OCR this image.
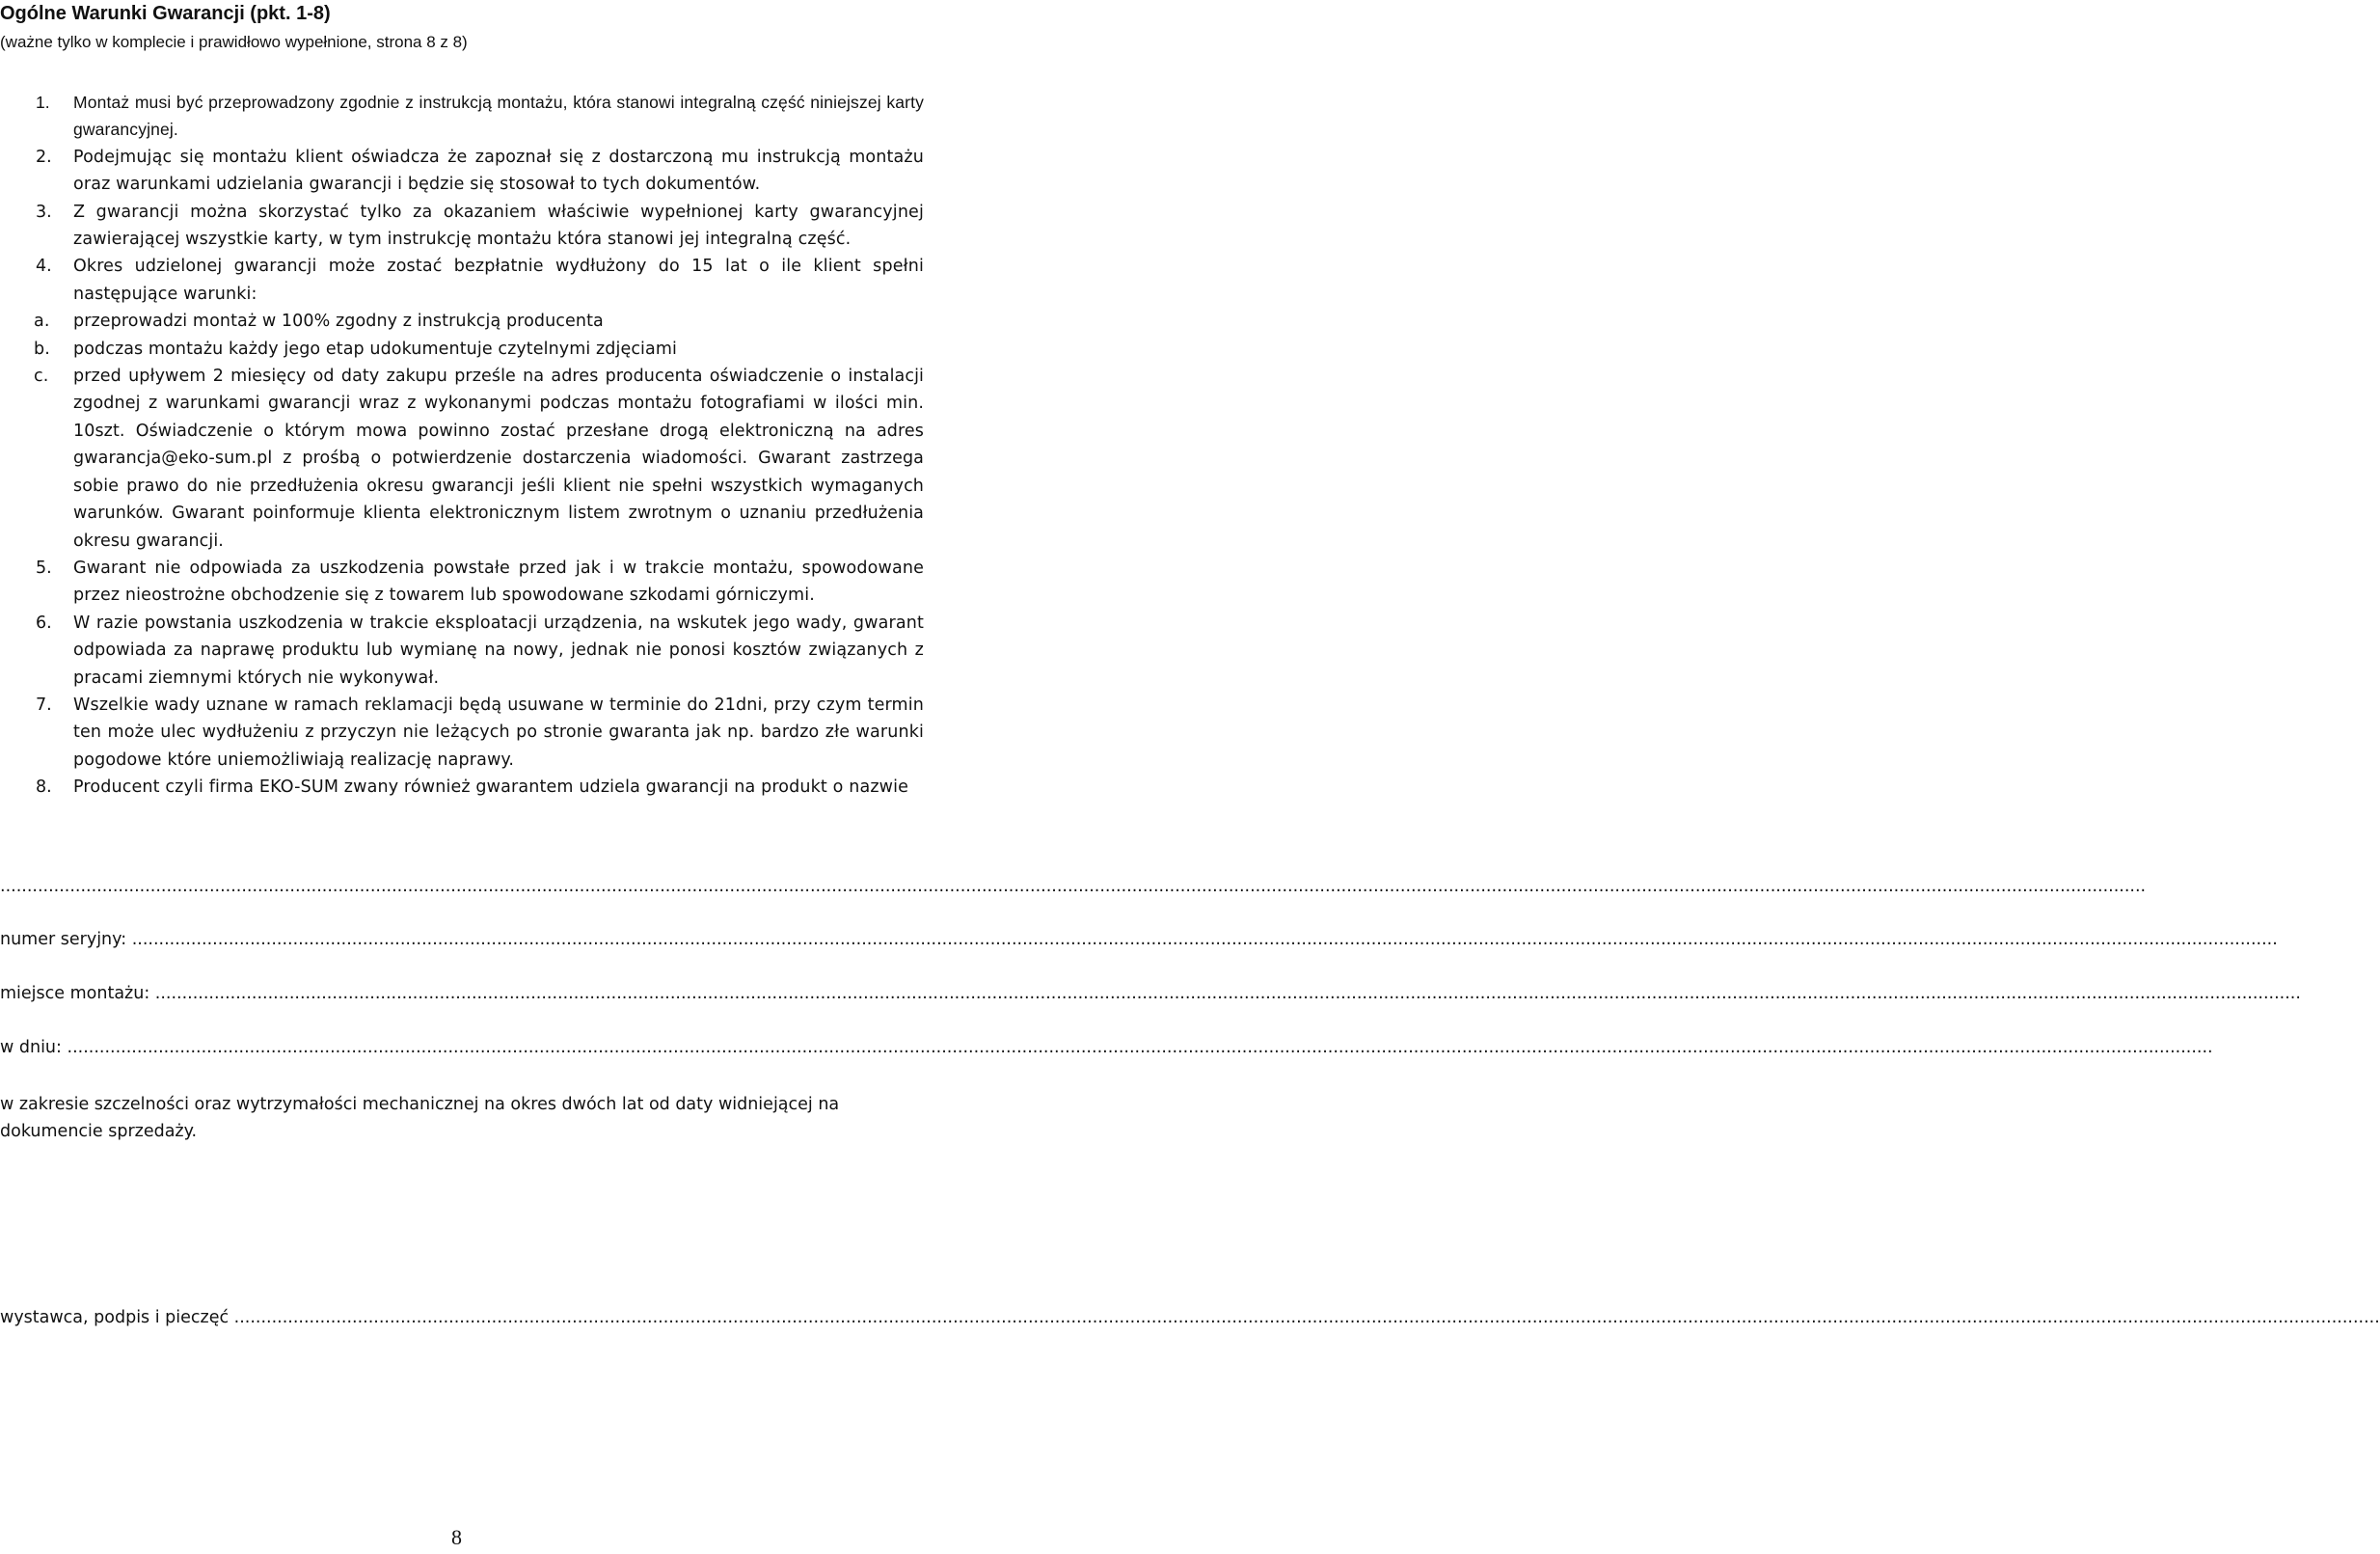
Ogólne Warunki Gwarancji (pkt. 1-8)
(ważne tylko w komplecie i prawidłowo wypełnione, strona 8 z 8)
1.	Montaż musi być przeprowadzony zgodnie z instrukcją montażu, która stanowi integralną część niniejszej karty gwarancyjnej.
2.	Podejmując się montażu klient oświadcza że zapoznał się z dostarczoną mu instrukcją montażu oraz warunkami udzielania gwarancji i będzie się stosował to tych dokumentów.
3.	Z gwarancji można skorzystać tylko za okazaniem właściwie wypełnionej karty gwarancyjnej zawierającej wszystkie karty, w tym instrukcję montażu która stanowi jej integralną część.
4.	Okres udzielonej gwarancji może zostać bezpłatnie wydłużony do 15 lat o ile klient spełni następujące warunki:
a.	przeprowadzi montaż w 100% zgodny z instrukcją producenta
b.	podczas montażu każdy jego etap udokumentuje czytelnymi zdjęciami
c.	przed upływem 2 miesięcy od daty zakupu prześle na adres producenta oświadczenie o instalacji zgodnej z warunkami gwarancji wraz z wykonanymi podczas montażu fotografiami w ilości min. 10szt. Oświadczenie o którym mowa powinno zostać przesłane drogą elektroniczną na adres gwarancja@eko-sum.pl z prośbą o potwierdzenie dostarczenia wiadomości. Gwarant zastrzega sobie prawo do nie przedłużenia okresu gwarancji jeśli klient nie spełni wszystkich wymaganych warunków. Gwarant poinformuje klienta elektronicznym listem zwrotnym o uznaniu przedłużenia okresu gwarancji.
5.	Gwarant nie odpowiada za uszkodzenia powstałe przed jak i w trakcie montażu, spowodowane przez nieostrożne obchodzenie się z towarem lub spowodowane szkodami górniczymi.
6.	W razie powstania uszkodzenia w trakcie eksploatacji urządzenia, na wskutek jego wady, gwarant odpowiada za naprawę produktu lub wymianę na nowy, jednak nie ponosi kosztów związanych z pracami ziemnymi których nie wykonywał.
7.	Wszelkie wady uznane w ramach reklamacji będą usuwane w terminie do 21dni, przy czym termin ten może ulec wydłużeniu z przyczyn nie leżących po stronie gwaranta jak np. bardzo złe warunki pogodowe które uniemożliwiają realizację naprawy.
8.	Producent czyli firma EKO-SUM zwany również gwarantem udziela gwarancji na produkt o nazwie
................................................................................................................................................................................................................................................................................................................................................................................................................
numer seryjny: ................................................................................................................................................................................................................................................................................................................................................................................................................
miejsce montażu: ................................................................................................................................................................................................................................................................................................................................................................................................................
w dniu: ................................................................................................................................................................................................................................................................................................................................................................................................................
w zakresie szczelności oraz wytrzymałości mechanicznej na okres dwóch lat od daty widniejącej na dokumencie sprzedaży.
wystawca, podpis i pieczęć ................................................................................................................................................................................................................................................................................................................................................................................................................
8
